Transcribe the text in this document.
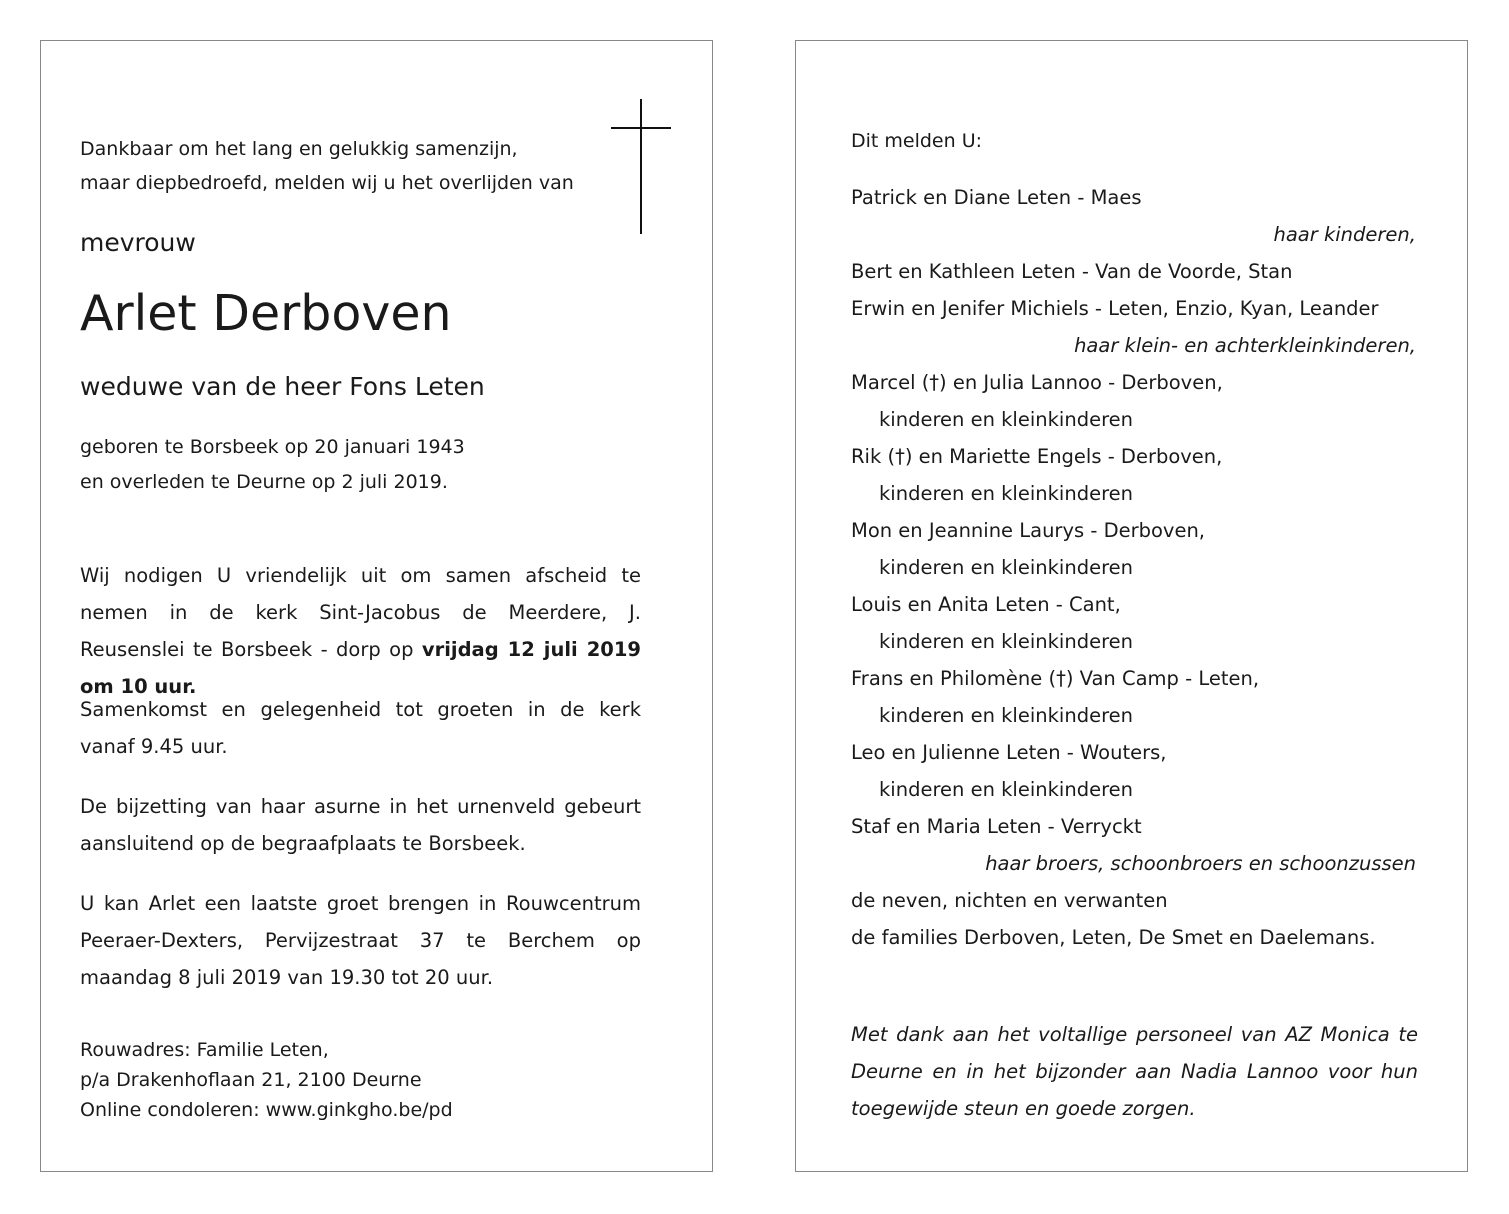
Dankbaar om het lang en gelukkig samenzijn,
maar diepbedroefd, melden wij u het overlijden van
mevrouw
Arlet Derboven
weduwe van de heer Fons Leten
geboren te Borsbeek op 20 januari 1943
en overleden te Deurne op 2 juli 2019.
Wij nodigen U vriendelijk uit om samen afscheid te nemen in de kerk Sint-Jacobus de Meerdere, J. Reusenslei te Borsbeek - dorp op vrijdag 12 juli 2019 om 10 uur.
Samenkomst en gelegenheid tot groeten in de kerk vanaf 9.45 uur.
De bijzetting van haar asurne in het urnenveld gebeurt aansluitend op de begraafplaats te Borsbeek.
U kan Arlet een laatste groet brengen in Rouwcentrum Peeraer-Dexters, Pervijzestraat 37 te Berchem op maandag 8 juli 2019 van 19.30 tot 20 uur.
Rouwadres: Familie Leten,
p/a Drakenhoflaan 21, 2100 Deurne
Online condoleren: www.ginkgho.be/pd
Dit melden U:
Patrick en Diane Leten - Maes
haar kinderen,
Bert en Kathleen Leten - Van de Voorde, Stan
Erwin en Jenifer Michiels - Leten, Enzio, Kyan, Leander
haar klein- en achterkleinkinderen,
Marcel (†) en Julia Lannoo - Derboven,
kinderen en kleinkinderen
Rik (†) en Mariette Engels - Derboven,
kinderen en kleinkinderen
Mon en Jeannine Laurys - Derboven,
kinderen en kleinkinderen
Louis en Anita Leten - Cant,
kinderen en kleinkinderen
Frans en Philomène (†) Van Camp - Leten,
kinderen en kleinkinderen
Leo en Julienne Leten - Wouters,
kinderen en kleinkinderen
Staf en Maria Leten - Verryckt
haar broers, schoonbroers en schoonzussen
de neven, nichten en verwanten
de families Derboven, Leten, De Smet en Daelemans.
Met dank aan het voltallige personeel van AZ Monica te Deurne en in het bijzonder aan Nadia Lannoo voor hun toegewijde steun en goede zorgen.
